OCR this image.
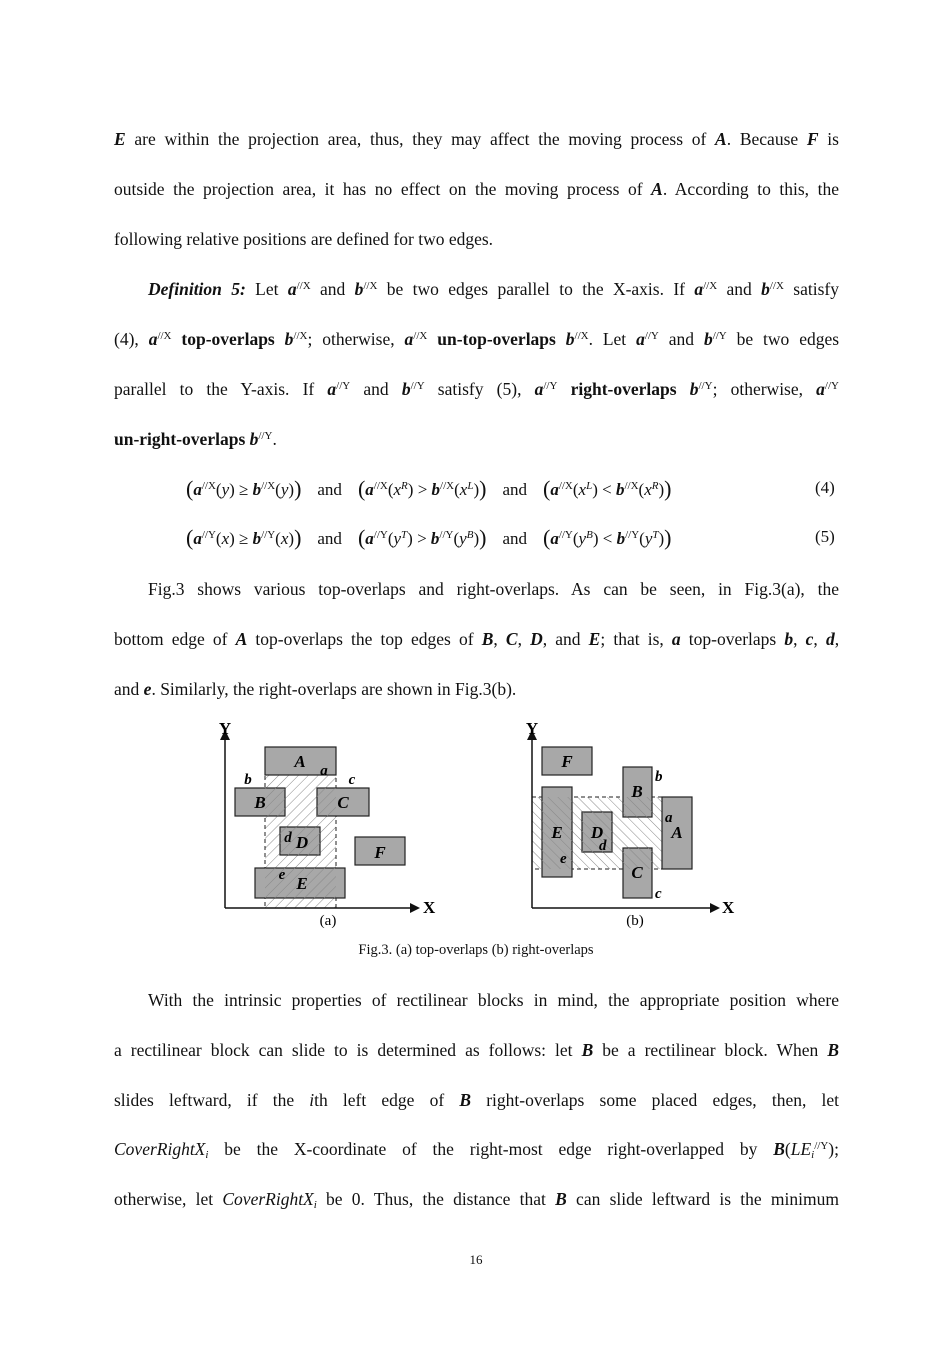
E are within the projection area, thus, they may affect the moving process of A. Because F is
outside the projection area, it has no effect on the moving process of A. According to this, the
following relative positions are defined for two edges.
Definition 5: Let $a^{//X}$ and $b^{//X}$ be two edges parallel to the X-axis. If $a^{//X}$ and $b^{//X}$ satisfy
(4), $a^{//X}$ top-overlaps $b^{//X}$; otherwise, $a^{//X}$ un-top-overlaps $b^{//X}$. Let $a^{//Y}$ and $b^{//Y}$ be two edges
parallel to the Y-axis. If $a^{//Y}$ and $b^{//Y}$ satisfy (5), $a^{//Y}$ right-overlaps $b^{//Y}$; otherwise, $a^{//Y}$
un-right-overlaps $b^{//Y}$.
$(a^{//X}(y) \ge b^{//X}(y))$ and $(a^{//X}(x^R) > b^{//X}(x^L))$ and $(a^{//X}(x^L) < b^{//X}(x^R))$	(4)
$(a^{//Y}(x) \ge b^{//Y}(x))$ and $(a^{//Y}(y^T) > b^{//Y}(y^B))$ and $(a^{//Y}(y^B) < b^{//Y}(y^T))$	(5)
Fig.3 shows various top-overlaps and right-overlaps. As can be seen, in Fig.3(a), the
bottom edge of A top-overlaps the top edges of B, C, D, and E; that is, a top-overlaps b, c, d,
and e. Similarly, the right-overlaps are shown in Fig.3(b).
A
B	C
D
F
E
a
b	c
d
e
Y
X
(a)
F
B
A
E D
C
a
b
c
d
e
Y
X
(b)
Fig.3. (a) top-overlaps (b) right-overlaps
With the intrinsic properties of rectilinear blocks in mind, the appropriate position where
a rectilinear block can slide to is determined as follows: let B be a rectilinear block. When B
slides leftward, if the ith left edge of B right-overlaps some placed edges, then, let
CoverRightX$_i$ be the X-coordinate of the right-most edge right-overlapped by $B(LE_i^{//Y})$;
otherwise, let CoverRightX$_i$ be 0. Thus, the distance that B can slide leftward is the minimum
16
